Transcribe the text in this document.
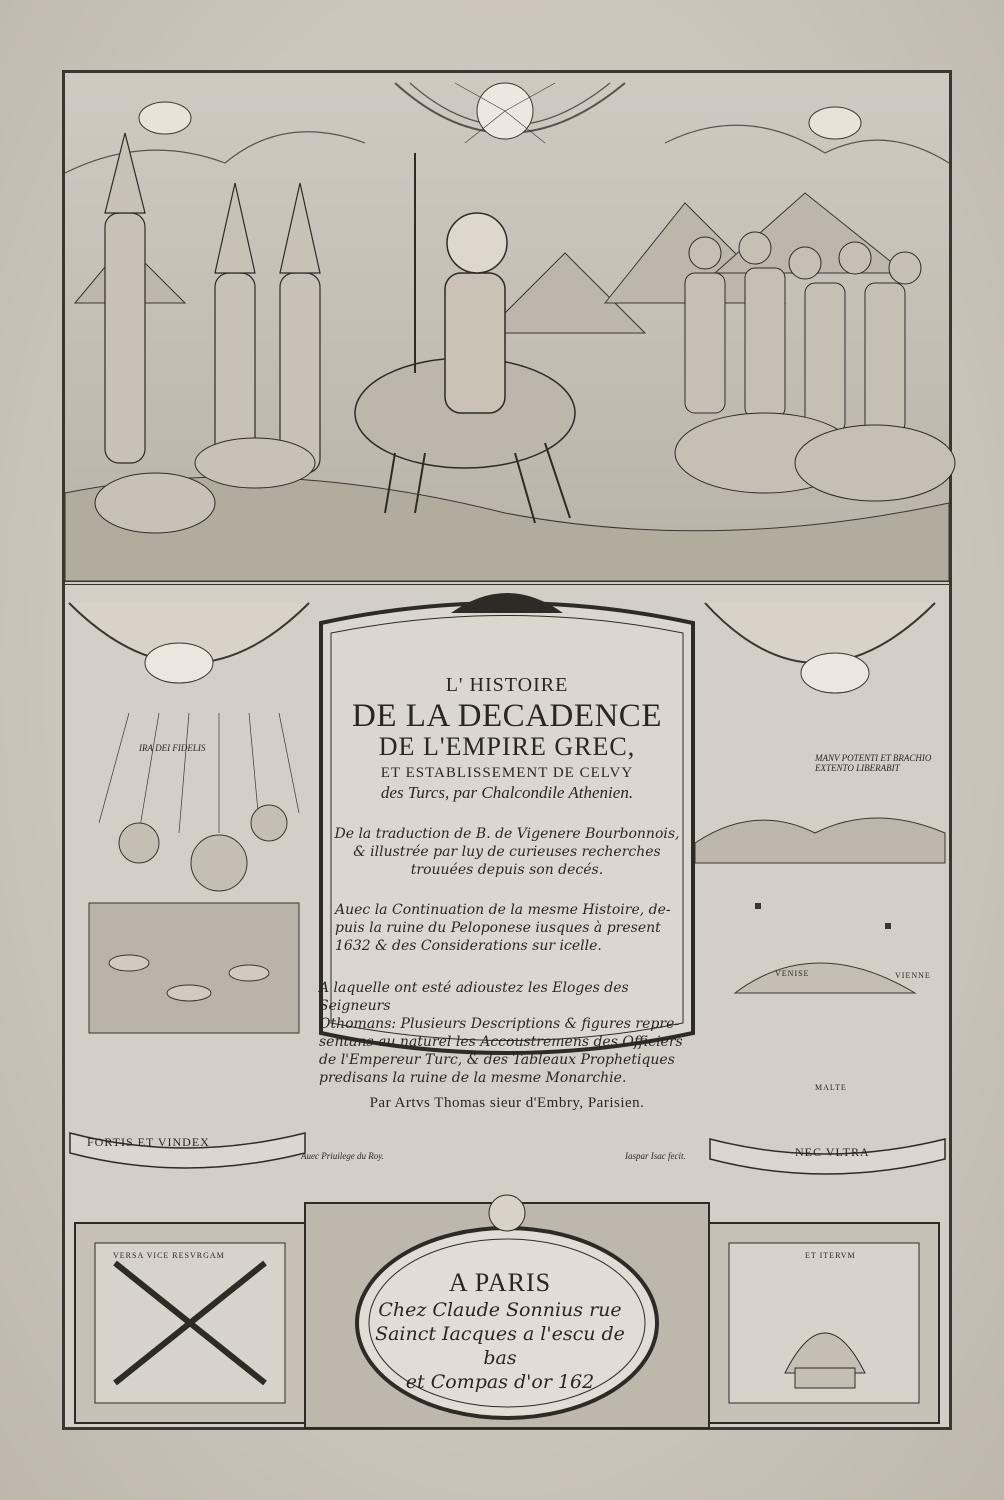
IRA DEI FIDELIS
VENISE	VIENNE
MALTE
MANV POTENTI ET BRACHIO EXTENTO LIBERABIT
L' HISTOIRE
DE LA DECADENCE
DE L'EMPIRE GREC,
ET ESTABLISSEMENT DE CELVY
des Turcs, par Chalcondile Athenien.
De la traduction de B. de Vigenere Bourbonnois,
& illustrée par luy de curieuses recherches
trouuées depuis son decés.
Auec la Continuation de la mesme Histoire, de-
puis la ruine du Peloponese iusques à present
1632 & des Considerations sur icelle.
A laquelle ont esté adioustez les Eloges des Seigneurs
Othomans: Plusieurs Descriptions & figures repre-
sentans au naturel les Accoustremens des Officiers
de l'Empereur Turc, & des Tableaux Prophetiques
predisans la ruine de la mesme Monarchie.
Par Artvs Thomas sieur d'Embry, Parisien.
Auec Priuilege du Roy.	Iaspar Isac fecit.
FORTIS ET VINDEX
NEC VLTRA
VERSA VICE RESVRGAM	ET ITERVM
A PARIS
Chez Claude Sonnius rue
Sainct Iacques a l'escu de bas
et Compas d'or 162
